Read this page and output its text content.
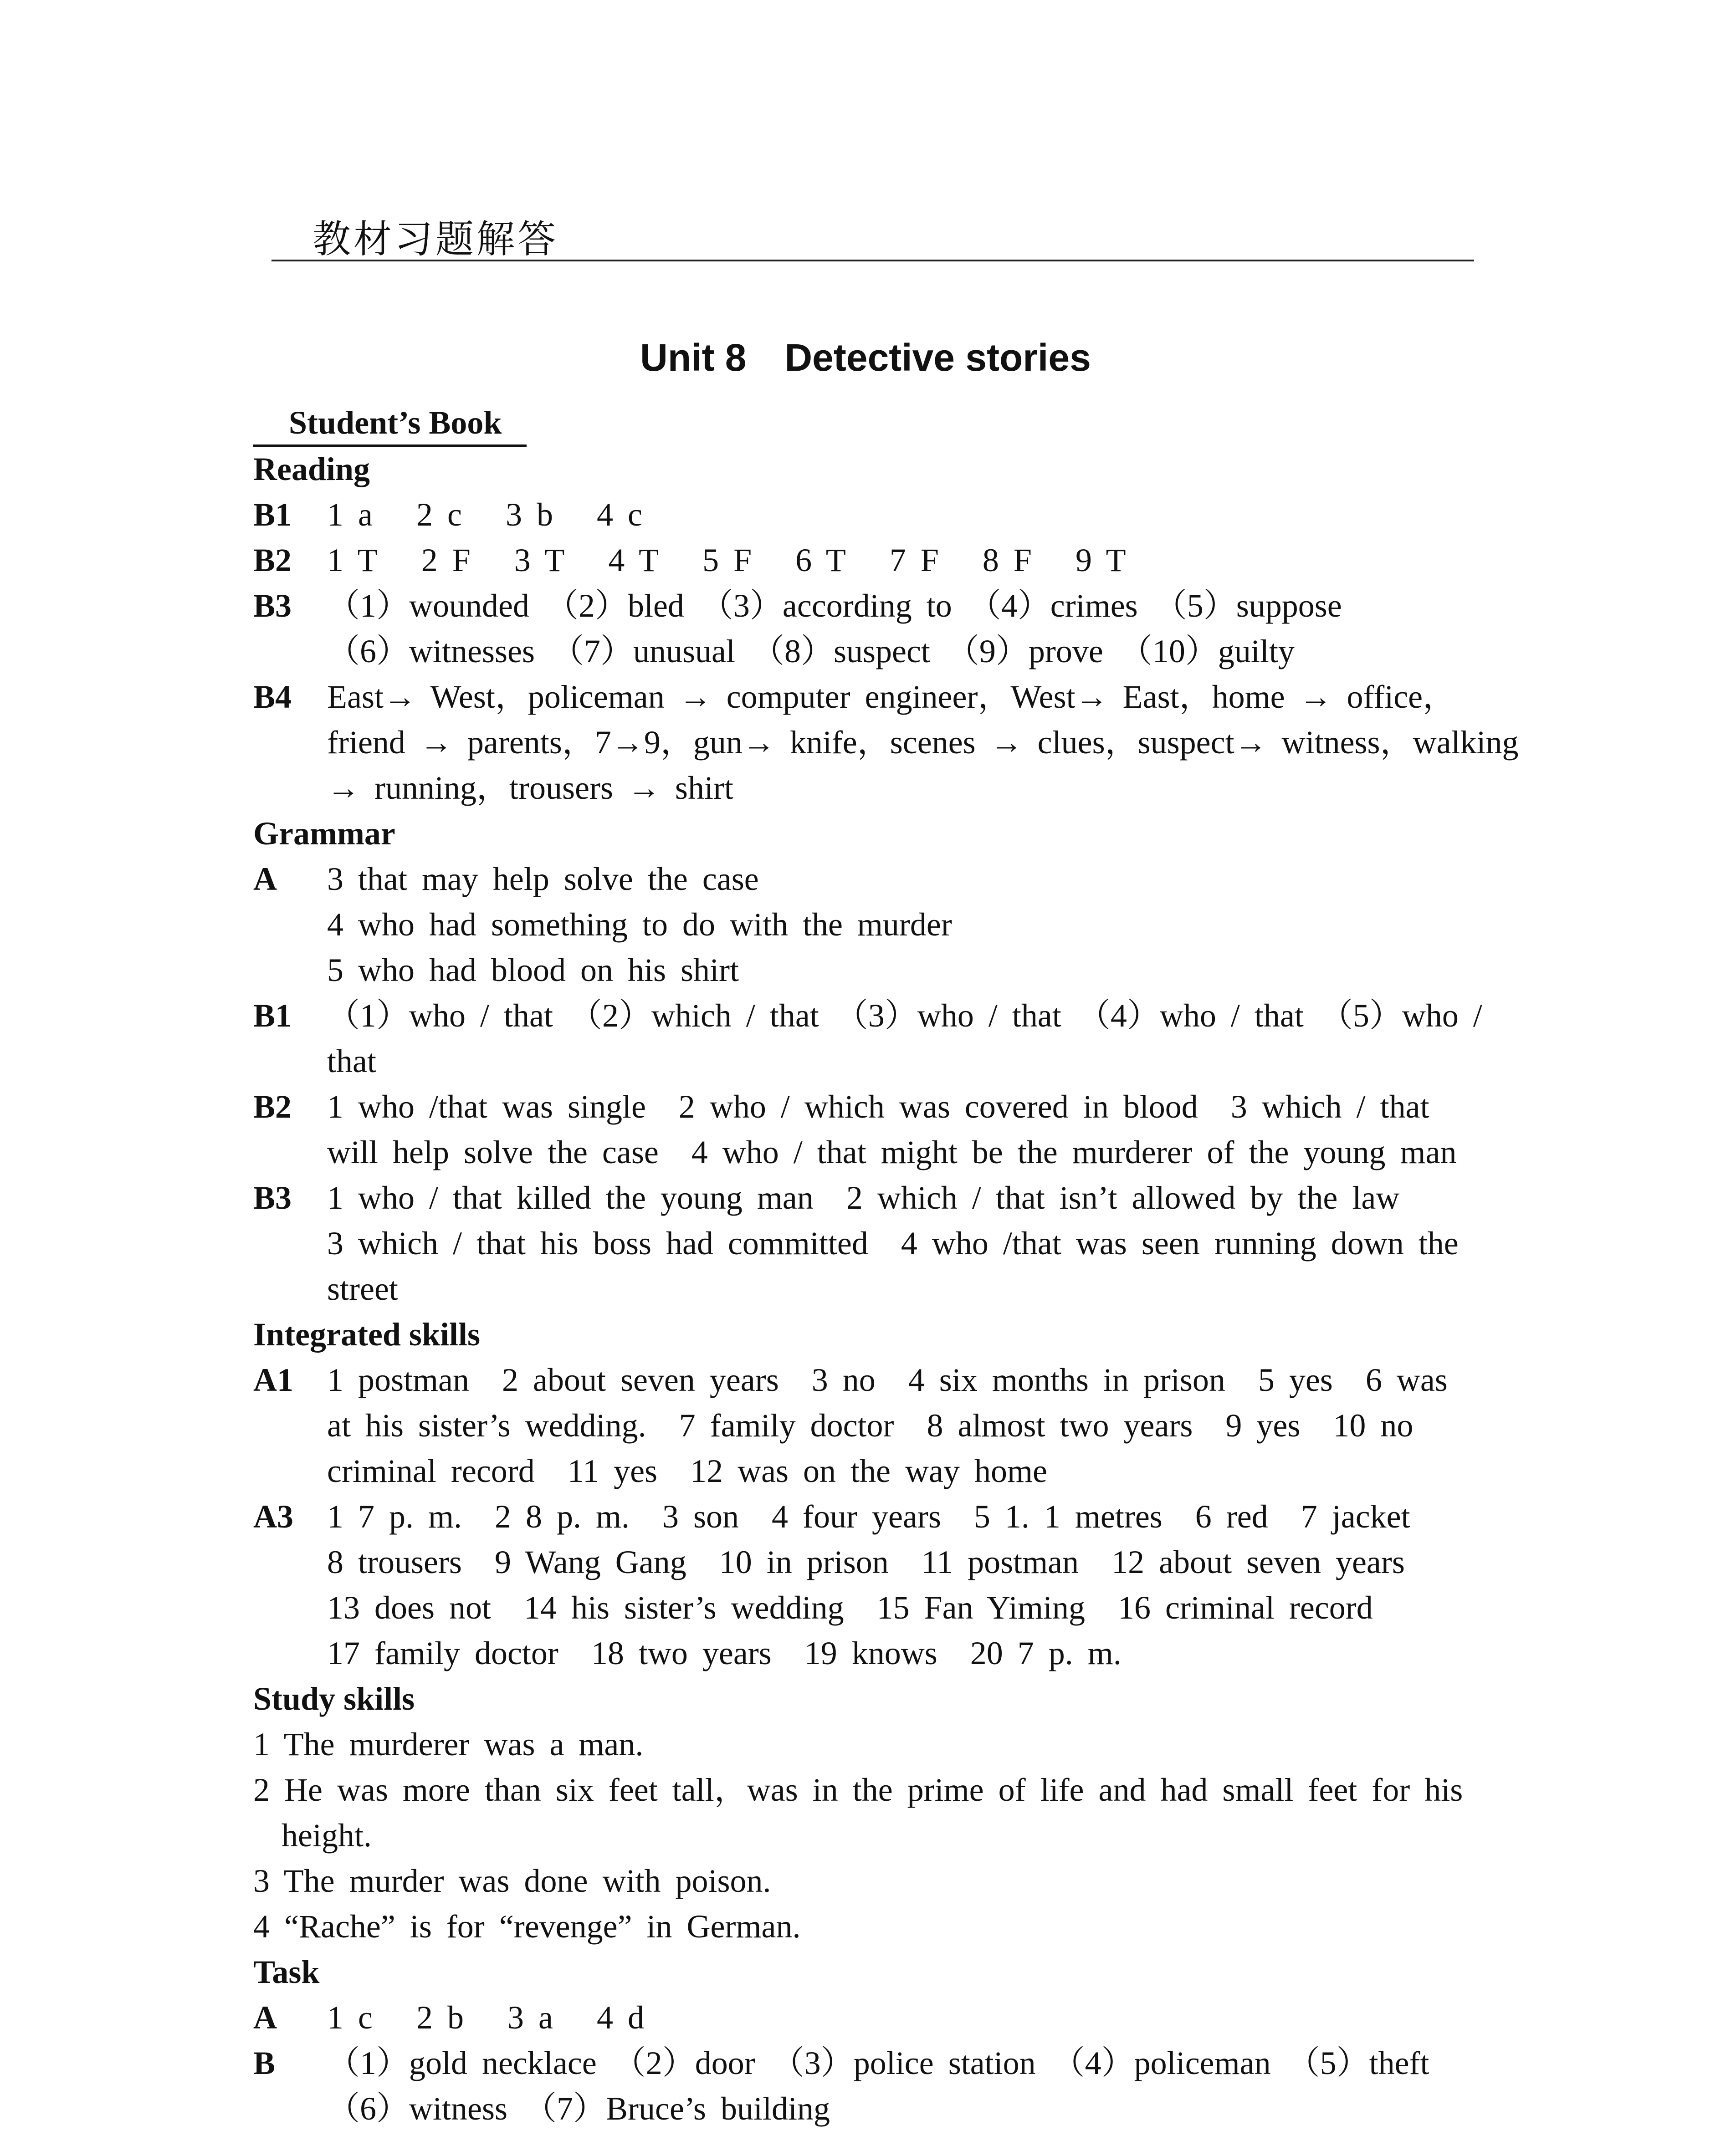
教材习题解答
Unit 8　Detective stories
Student’s Book
Reading
B1	1 a 2 c 3 b 4 c
B2	1 T 2 F 3 T 4 T 5 F 6 T 7 F 8 F 9 T
B3	（1）wounded　（2）bled　（3）according to　（4）crimes　（5）suppose
（6）witnesses　（7）unusual　（8）suspect　（9）prove　（10）guilty
B4	East→ West，policeman → computer engineer，West→ East，home → office，
friend → parents，7→9，gun→ knife，scenes → clues，suspect→ witness，walking
→ running，trousers → shirt
Grammar
A	3 that may help solve the case
4 who had something to do with the murder
5 who had blood on his shirt
B1	（1）who / that　（2）which / that　（3）who / that　（4）who / that　（5）who /
that
B2	1 who /that was single　2 who / which was covered in blood　3 which / that
will help solve the case　4 who / that might be the murderer of the young man
B3	1 who / that killed the young man　2 which / that isn’t allowed by the law
3 which / that his boss had committed　4 who /that was seen running down the
street
Integrated skills
A1	1 postman　2 about seven years　3 no　4 six months in prison　5 yes　6 was
at his sister’s wedding.　7 family doctor　8 almost two years　9 yes　10 no
criminal record　11 yes　12 was on the way home
A3	1 7 p. m.　2 8 p. m.　3 son　4 four years　5 1. 1 metres　6 red　7 jacket
8 trousers　9 Wang Gang　10 in prison　11 postman　12 about seven years
13 does not　14 his sister’s wedding　15 Fan Yiming　16 criminal record
17 family doctor　18 two years　19 knows　20 7 p. m.
Study skills
1 The murderer was a man.
2 He was more than six feet tall，was in the prime of life and had small feet for his height.
3 The murder was done with poison.
4 “Rache” is for “revenge” in German.
Task
A	1 c 2 b 3 a 4 d
B	（1）gold necklace　（2）door　（3）police station　（4）policeman　（5）theft
（6）witness　（7）Bruce’s building
